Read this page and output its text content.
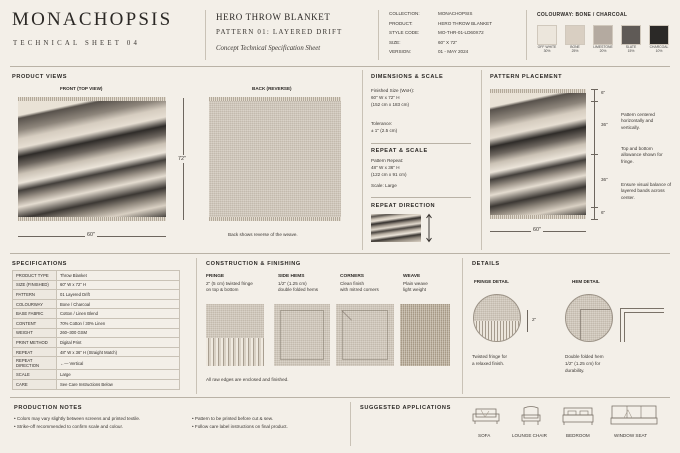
MONACHOPSIS
TECHNICAL SHEET 04
HERO THROW BLANKET
PATTERN 01: LAYERED DRIFT
Concept Technical Specification Sheet
COLLECTION:	MONACHOPSIS
PRODUCT:	HERO THROW BLANKET
STYLE CODE:	MO-THR-01-LD60X72
SIZE:	60" X 72"
VERSION:	01 - MAY 2024
COLOURWAY: BONE / CHARCOAL
OFF WHITE
30%
BONE
25%
LIMESTONE
20%
SLATE
15%
CHARCOAL
10%
PRODUCT VIEWS
FRONT (TOP VIEW)	BACK (REVERSE)
72"
60"	Back shows reverse of the weave.
DIMENSIONS & SCALE
Finished Size (WxH):
60" W x 72" H
(152 cm x 183 cm)
Tolerance:
± 1" (2.5 cm)
REPEAT & SCALE
Pattern Repeat:
48" W x 36" H
(122 cm x 91 cm)
Scale: Large
REPEAT DIRECTION
PATTERN PLACEMENT
6"
36"
36"
6"
60"
Pattern centered horizontally and vertically.
Top and bottom allowance shown for fringe.
Ensure visual balance of layered bands across center.
SPECIFICATIONS
PRODUCT TYPE	Throw Blanket
SIZE (FINISHED)	60" W x 72" H
PATTERN	01 Layered Drift
COLOURWAY	Bone / Charcoal
BASE FABRIC	Cotton / Linen Blend
CONTENT	70% Cotton / 30% Linen
WEIGHT	260–300 GSM
PRINT METHOD	Digital Print
REPEAT	48" W x 36" H (Straight Match)
REPEAT DIRECTION	←— Vertical
SCALE	Large
CARE	See Care Instructions Below
CONSTRUCTION & FINISHING
FRINGE
2" (5 cm) twisted fringe
on top & bottom
SIDE HEMS
1/2" (1.25 cm)
double folded hems
CORNERS
Clean finish
with mitred corners
WEAVE
Plain weave
light weight
All raw edges are enclosed and finished.
DETAILS
FRINGE DETAIL
2"
Twisted fringe for
a relaxed finish.
HEM DETAIL
Double folded hem
1/2" (1.25 cm) for
durability.
PRODUCTION NOTES
• Colors may vary slightly between screens and printed textile.
• Strike-off recommended to confirm scale and colour.
• Pattern to be printed before cut & sew.
• Follow care label instructions on final product.
SUGGESTED APPLICATIONS
SOFA	LOUNGE CHAIR	BEDROOM	WINDOW SEAT
